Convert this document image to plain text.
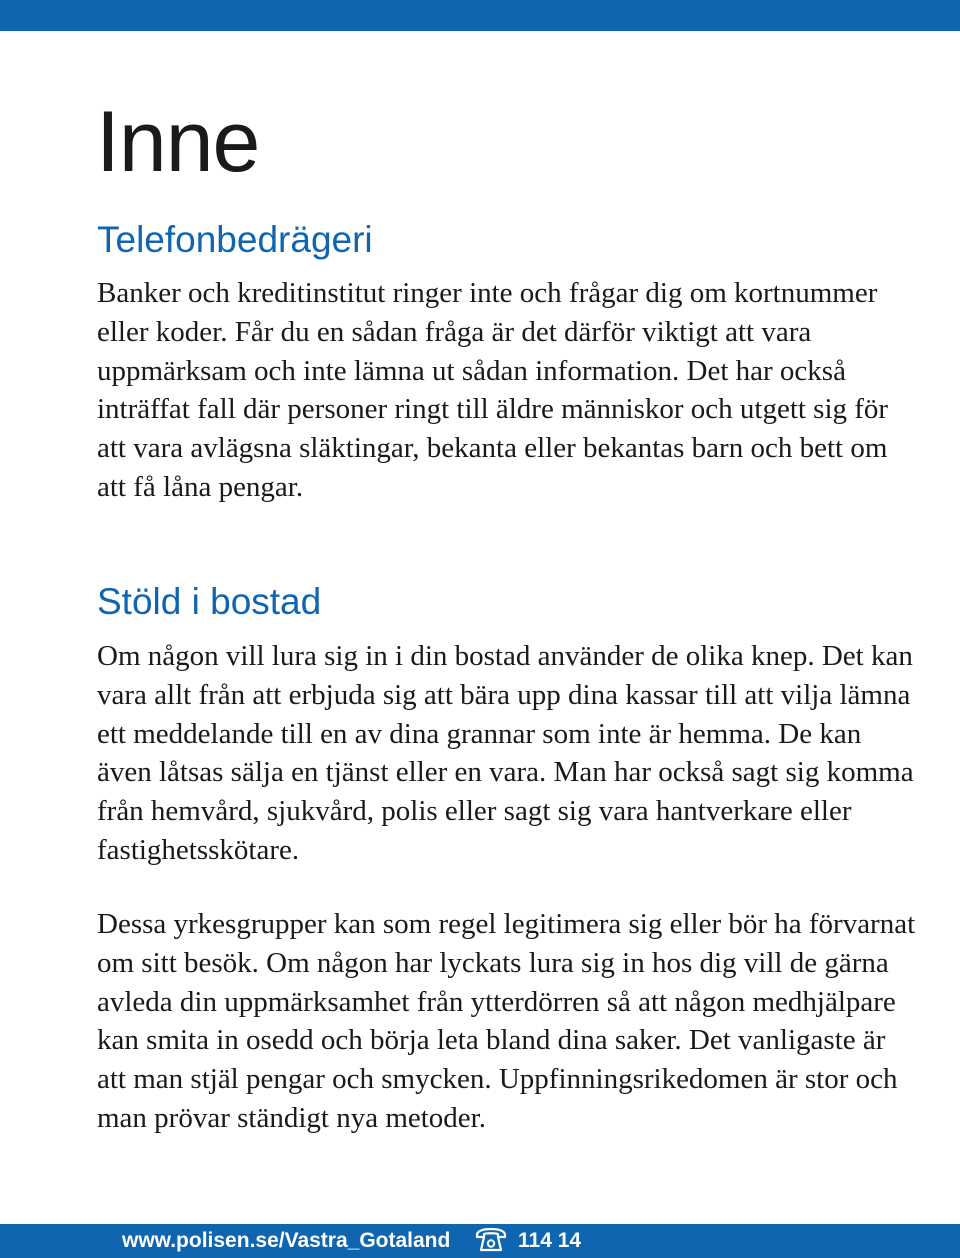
Inne
Telefonbedrägeri

Banker och kreditinstitut ringer inte och frågar dig om kortnummer eller koder. Får du en sådan fråga är det därför viktigt att vara uppmärksam och inte lämna ut sådan information. Det har också inträffat fall där personer ringt till äldre människor och utgett sig för att vara avlägsna släktingar, bekanta eller bekantas barn och bett om att få låna pengar.

Stöld i bostad

Om någon vill lura sig in i din bostad använder de olika knep. Det kan vara allt från att erbjuda sig att bära upp dina kassar till att vilja lämna ett meddelande till en av dina grannar som inte är hemma. De kan även låtsas sälja en tjänst eller en vara. Man har också sagt sig komma från hemvård, sjukvård, polis eller sagt sig vara hantverkare eller fastighetsskötare.

Dessa yrkesgrupper kan som regel legitimera sig eller bör ha förvarnat om sitt besök. Om någon har lyckats lura sig in hos dig vill de gärna avleda din uppmärksamhet från ytterdörren så att någon medhjälpare kan smita in osedd och börja leta bland dina saker. Det vanligaste är att man stjäl pengar och smycken. Uppfinningsrikedomen är stor och man prövar ständigt nya metoder.

www.polisen.se/Vastra_Gotaland	114 14
